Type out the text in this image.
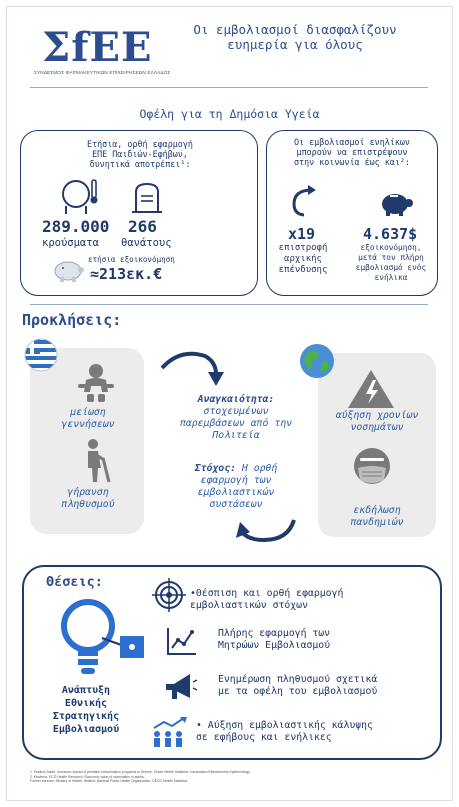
ΣfΕΕ
ΣΥΝΔΕΣΜΟΣ ΦΑΡΜΑΚΕΥΤΙΚΩΝ ΕΠΙΧΕΙΡΗΣΕΩΝ ΕΛΛΑΔΟΣ
Οι εμβολιασμοί διασφαλίζουν
ευημερία για όλους
Οφέλη για τη Δημόσια Υγεία
Ετήσια, ορθή εφαρμογή
ΕΠΕ Παιδιών-Εφήβων,
δυνητικά αποτρέπει¹:
289.000 266
κρούσματα θανάτους
ετήσια εξοικονόμηση
≈213εκ.€
Οι εμβολιασμοί ενηλίκων
μπορούν να επιστρέψουν
στην κοινωνία έως και²:
x19	4.637$
επιστροφή
αρχικής
επένδυσης
εξοικονόμηση,
μετά τον πλήρη
εμβολιασμό ενός
ενήλικα
Προκλήσεις:
μείωση
γεννήσεων
γήρανση
πληθυσμού
Αναγκαιότητα:
στοχευμένων
παρεμβάσεων από την
Πολιτεία
Στόχος: Η ορθή
εφαρμογή των
εμβολιαστικών
συστάσεων
αύξηση χρονίων
νοσημάτων
εκδήλωση
πανδημιών
Θέσεις:
Ανάπτυξη
Εθνικής
Στρατηγικής
Εμβολιασμού
•Θέσπιση και ορθή εφαρμογή
εμβολιαστικών στόχων
Πλήρης εφαρμογή των
Μητρώων Εμβολιασμού
Ενημέρωση πληθυσμού σχετικά
με τα οφέλη του εμβολιασμού
• Αύξηση εμβολιαστικής κάλυψης
σε εφήβους και ενήλικες
1. Publicis Sante, economic impact of pediatric immunization programs in Greece. Greek Health Statistics. Vaccination Effectiveness Epidemiology.
2. Moderna. ECO Health Research. Economic value of vaccination in adults.
Further sources: Ministry of Health, Hellenic National Public Health Organization, OECD Health Statistics.
